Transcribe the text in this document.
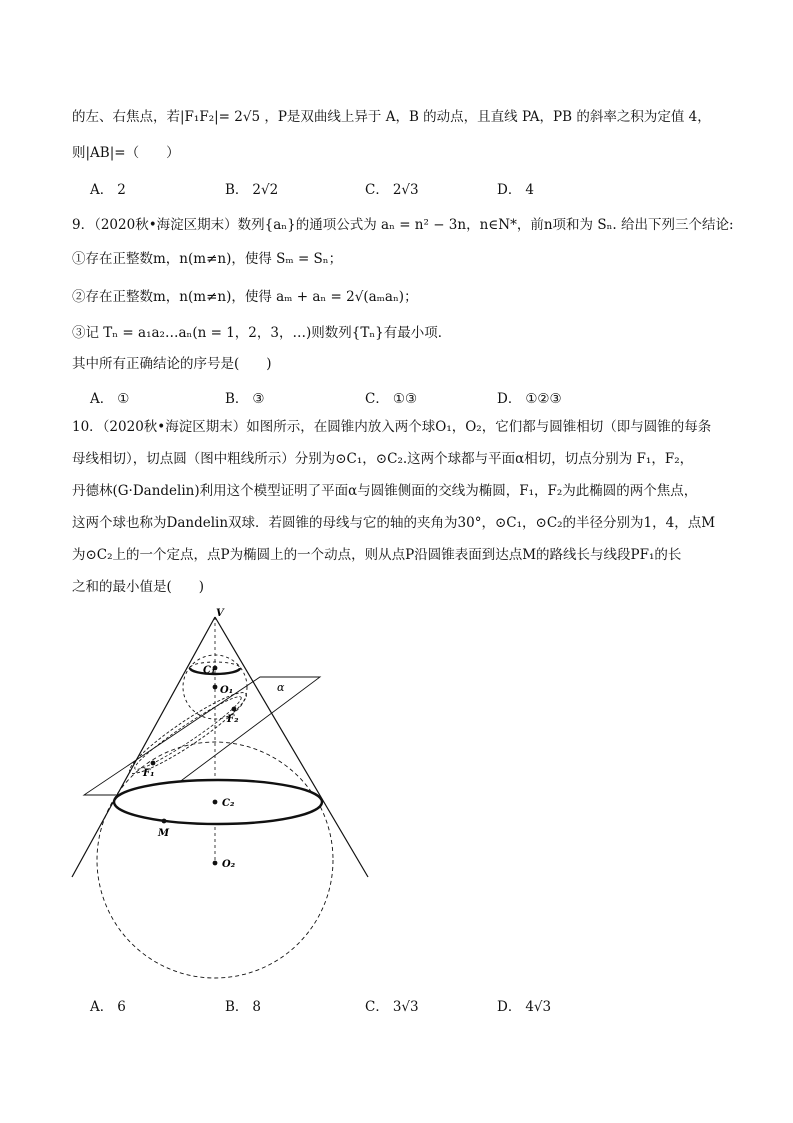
的左、右焦点，若|F₁F₂|= 2√5 ，P是双曲线上异于 A，B 的动点，且直线 PA，PB 的斜率之积为定值 4，
则|AB|=（　　）
A． 2	B． 2√2	C． 2√3	D． 4
9．（2020秋•海淀区期末）数列{aₙ}的通项公式为 aₙ = n² − 3n，n∈N*，前n项和为 Sₙ. 给出下列三个结论:
①存在正整数m，n(m≠n)，使得 Sₘ = Sₙ；
②存在正整数m，n(m≠n)，使得 aₘ + aₙ = 2√(aₘaₙ)；
③记 Tₙ = a₁a₂…aₙ(n = 1，2，3，…)则数列{Tₙ}有最小项．
其中所有正确结论的序号是(　　)
A． ①	B． ③	C． ①③	D． ①②③
10．（2020秋•海淀区期末）如图所示，在圆锥内放入两个球O₁，O₂，它们都与圆锥相切（即与圆锥的每条
母线相切），切点圆（图中粗线所示）分别为⊙C₁，⊙C₂.这两个球都与平面α相切，切点分别为 F₁，F₂，
丹德林(G·Dandelin)利用这个模型证明了平面α与圆锥侧面的交线为椭圆，F₁，F₂为此椭圆的两个焦点，
这两个球也称为Dandelin双球．若圆锥的母线与它的轴的夹角为30°，⊙C₁，⊙C₂的半径分别为1，4，点M
为⊙C₂上的一个定点，点P为椭圆上的一个动点，则从点P沿圆锥表面到达点M的路线长与线段PF₁的长
之和的最小值是(　　)
V
C₁
O₁	α
F₂
F₁
C₂
M
O₂
A． 6	B． 8	C． 3√3	D． 4√3
